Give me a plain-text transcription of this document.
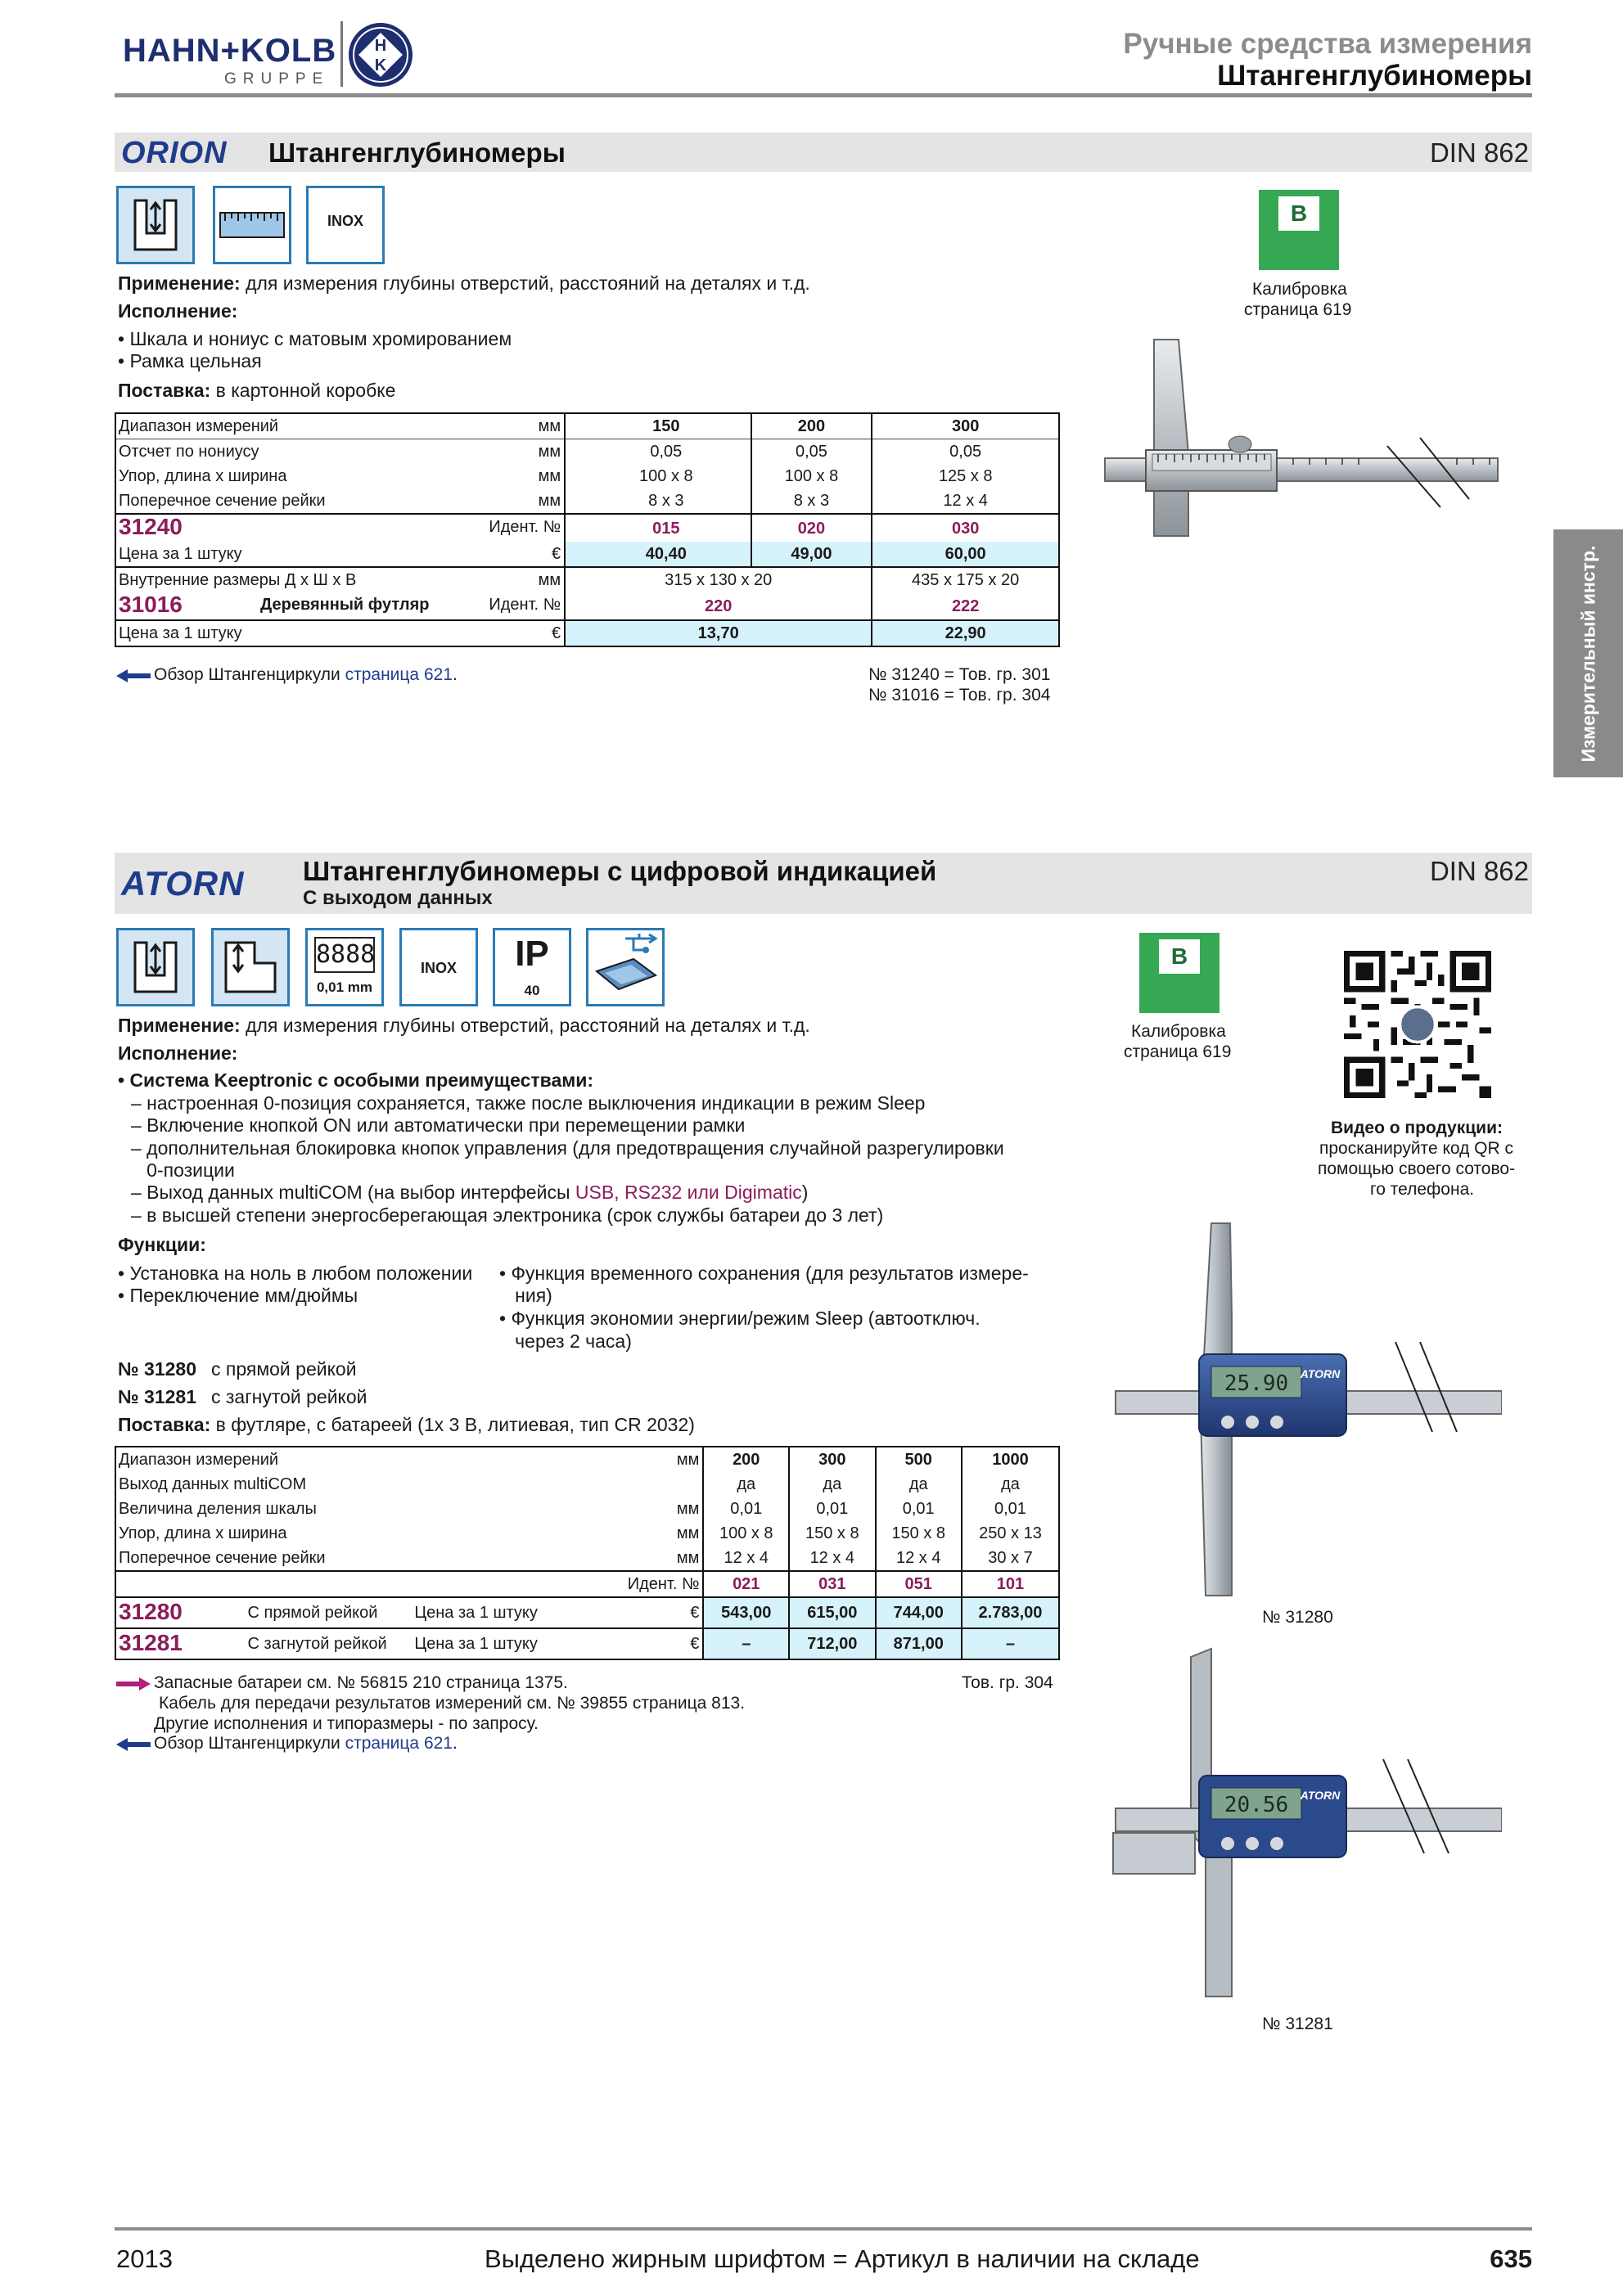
HAHN+KOLB
GRUPPE
H
K
Ручные средства измерения
Штангенглубиномеры
Измерительный инстр.
ORION Штангенглубиномеры	DIN 862
INOX	B
Калибровка
страница 619
Применение: для измерения глубины отверстий, расстояний на деталях и т.д.
Исполнение:
• Шкала и нониус с матовым хромированием
• Рамка цельная
Поставка: в картонной коробке
Диапазон измерений мм	150	200	300
Отсчет по нониусу мм	0,05	0,05	0,05
Упор, длина х ширина мм	100 x 8	100 x 8	125 x 8
Поперечное сечение рейки мм	8 x 3	8 x 3	12 x 4
31240 Идент. №	015	020	030
Цена за 1 штуку €	40,40	49,00	60,00
Внутренние размеры Д х Ш х В мм	315 x 130 x 20		435 x 175 x 20
31016 Деревянный футляр Идент. №	220		222
Цена за 1 штуку €	13,70		22,90
Обзор Штангенциркули страница 621.	№ 31240 = Тов. гр. 301
№ 31016 = Тов. гр. 304
ATORN Штангенглубиномеры с цифровой индикацией
С выходом данных
DIN 862
8888
0,01 mm
INOX	IP
40
B
Калибровка
страница 619
Видео о продукции:
просканируйте код QR с
помощью своего сотово-
го телефона.
Применение: для измерения глубины отверстий, расстояний на деталях и т.д.
Исполнение:
• Система Keeptronic с особыми преимуществами:
– настроенная 0-позиция сохраняется, также после выключения индикации в режим Sleep
– Включение кнопкой ON или автоматически при перемещении рамки
– дополнительная блокировка кнопок управления (для предотвращения случайной разрегулировки
0-позиции
– Выход данных multiCOM (на выбор интерфейсы USB, RS232 или Digimatic)
– в высшей степени энергосберегающая электроника (срок службы батареи до 3 лет)
Функции:
• Установка на ноль в любом положении
• Переключение мм/дюймы
• Функция временного сохранения (для результатов измере-
ния)
• Функция экономии энергии/режим Sleep (автоотключ.
через 2 часа)
№ 31280 с прямой рейкой
№ 31281 с загнутой рейкой
Поставка: в футляре, с батареей (1x 3 В, литиевая, тип CR 2032)
Диапазон измерений мм			200	300	500	1000
Выход данных multiCOM			да	да	да	да
Величина деления шкалы мм			0,01	0,01	0,01	0,01
Упор, длина х ширина мм			100 x 8	150 x 8	150 x 8	250 x 13
Поперечное сечение рейки мм			12 x 4	12 x 4	12 x 4	30 x 7
Идент. №			021	031	051	101
31280	С прямой рейкой	Цена за 1 штуку €	543,00	615,00	744,00	2.783,00
31281	С загнутой рейкой	Цена за 1 штуку €	–	712,00	871,00	–
Запасные батареи см. № 56815 210 страница 1375.
Кабель для передачи результатов измерений см. № 39855 страница 813.
Другие исполнения и типоразмеры - по запросу.
Обзор Штангенциркули страница 621.
Тов. гр. 304
25.90 ATORN
№ 31280
20.56 ATORN
№ 31281
2013	Выделено жирным шрифтом = Артикул в наличии на складе	635
